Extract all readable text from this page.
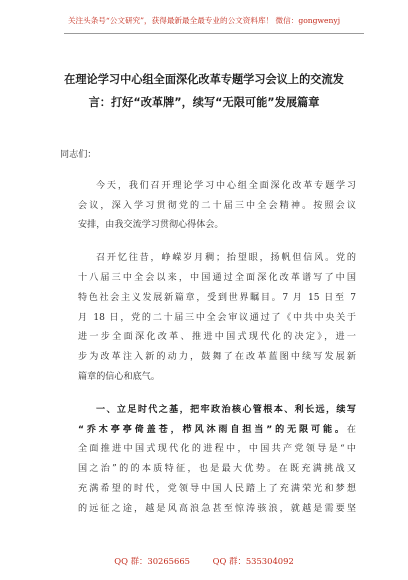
关注头条号“公文研究”，获得最新最全最专业的公文资料库！ 微信：gongwenyj
在理论学习中心组全面深化改革专题学习会议上的交流发
言：打好“改革牌”，续写“无限可能”发展篇章

同志们：

今天，我们召开理论学习中心组全面深化改革专题学习
会议，深入学习贯彻党的二十届三中全会精神。按照会议
安排，由我交流学习贯彻心得体会。

召开忆往昔，峥嵘岁月稠；抬望眼，扬帆但信风。党的
十八届三中全会以来，中国通过全面深化改革谱写了中国
特色社会主义发展新篇章，受到世界瞩目。7 月 15 日至 7
月 18 日，党的二十届三中全会审议通过了《中共中央关于
进一步全面深化改革、推进中国式现代化的决定》，进一
步为改革注入新的动力，鼓舞了在改革蓝图中续写发展新
篇章的信心和底气。

一、立足时代之基，把牢政治核心管根本、利长远，续写
“乔木亭亭倚盖苍，栉风沐雨自担当”的无限可能。在
全面推进中国式现代化的进程中，中国共产党领导是“中
国之治”的的本质特征，也是最大优势。在既充满挑战又
充满希望的时代，党领导中国人民踏上了充满荣光和梦想
的远征之途，越是风高浪急甚至惊涛骇浪，就越是需要坚

QQ 群：30265665	QQ 群：535304092
